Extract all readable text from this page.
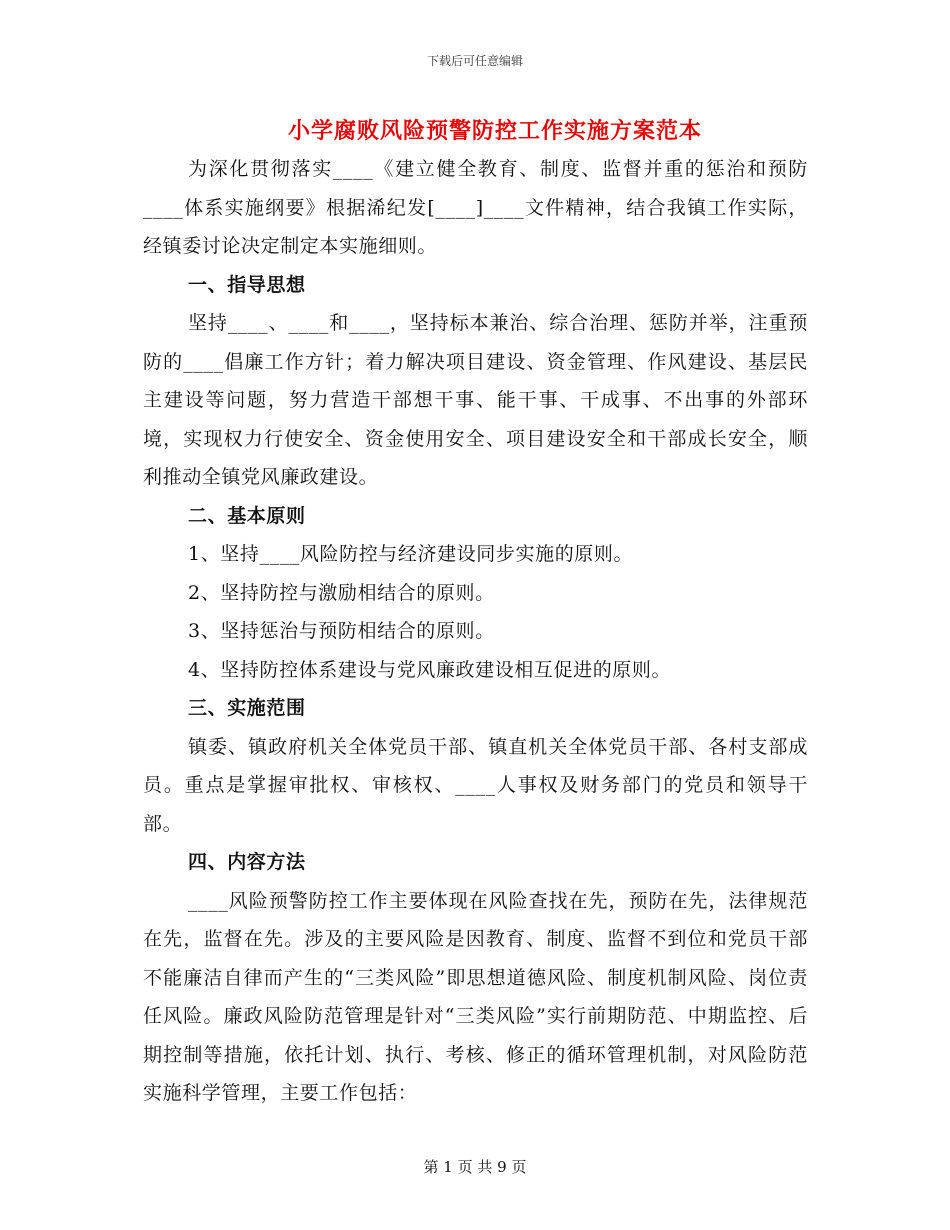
下载后可任意编辑
小学腐败风险预警防控工作实施方案范本

为深化贯彻落实____《建立健全教育、制度、监督并重的惩治和预防____体系实施纲要》根据浠纪发[____]____文件精神，结合我镇工作实际，经镇委讨论决定制定本实施细则。

一、指导思想

坚持____、____和____，坚持标本兼治、综合治理、惩防并举，注重预防的____倡廉工作方针；着力解决项目建设、资金管理、作风建设、基层民主建设等问题，努力营造干部想干事、能干事、干成事、不出事的外部环境，实现权力行使安全、资金使用安全、项目建设安全和干部成长安全，顺利推动全镇党风廉政建设。

二、基本原则

1、坚持____风险防控与经济建设同步实施的原则。

2、坚持防控与激励相结合的原则。

3、坚持惩治与预防相结合的原则。

4、坚持防控体系建设与党风廉政建设相互促进的原则。

三、实施范围

镇委、镇政府机关全体党员干部、镇直机关全体党员干部、各村支部成员。重点是掌握审批权、审核权、____人事权及财务部门的党员和领导干部。

四、内容方法

____风险预警防控工作主要体现在风险查找在先，预防在先，法律规范在先，监督在先。涉及的主要风险是因教育、制度、监督不到位和党员干部不能廉洁自律而产生的“三类风险”即思想道德风险、制度机制风险、岗位责任风险。廉政风险防范管理是针对“三类风险”实行前期防范、中期监控、后期控制等措施，依托计划、执行、考核、修正的循环管理机制，对风险防范实施科学管理，主要工作包括：

第 1 页 共 9 页
